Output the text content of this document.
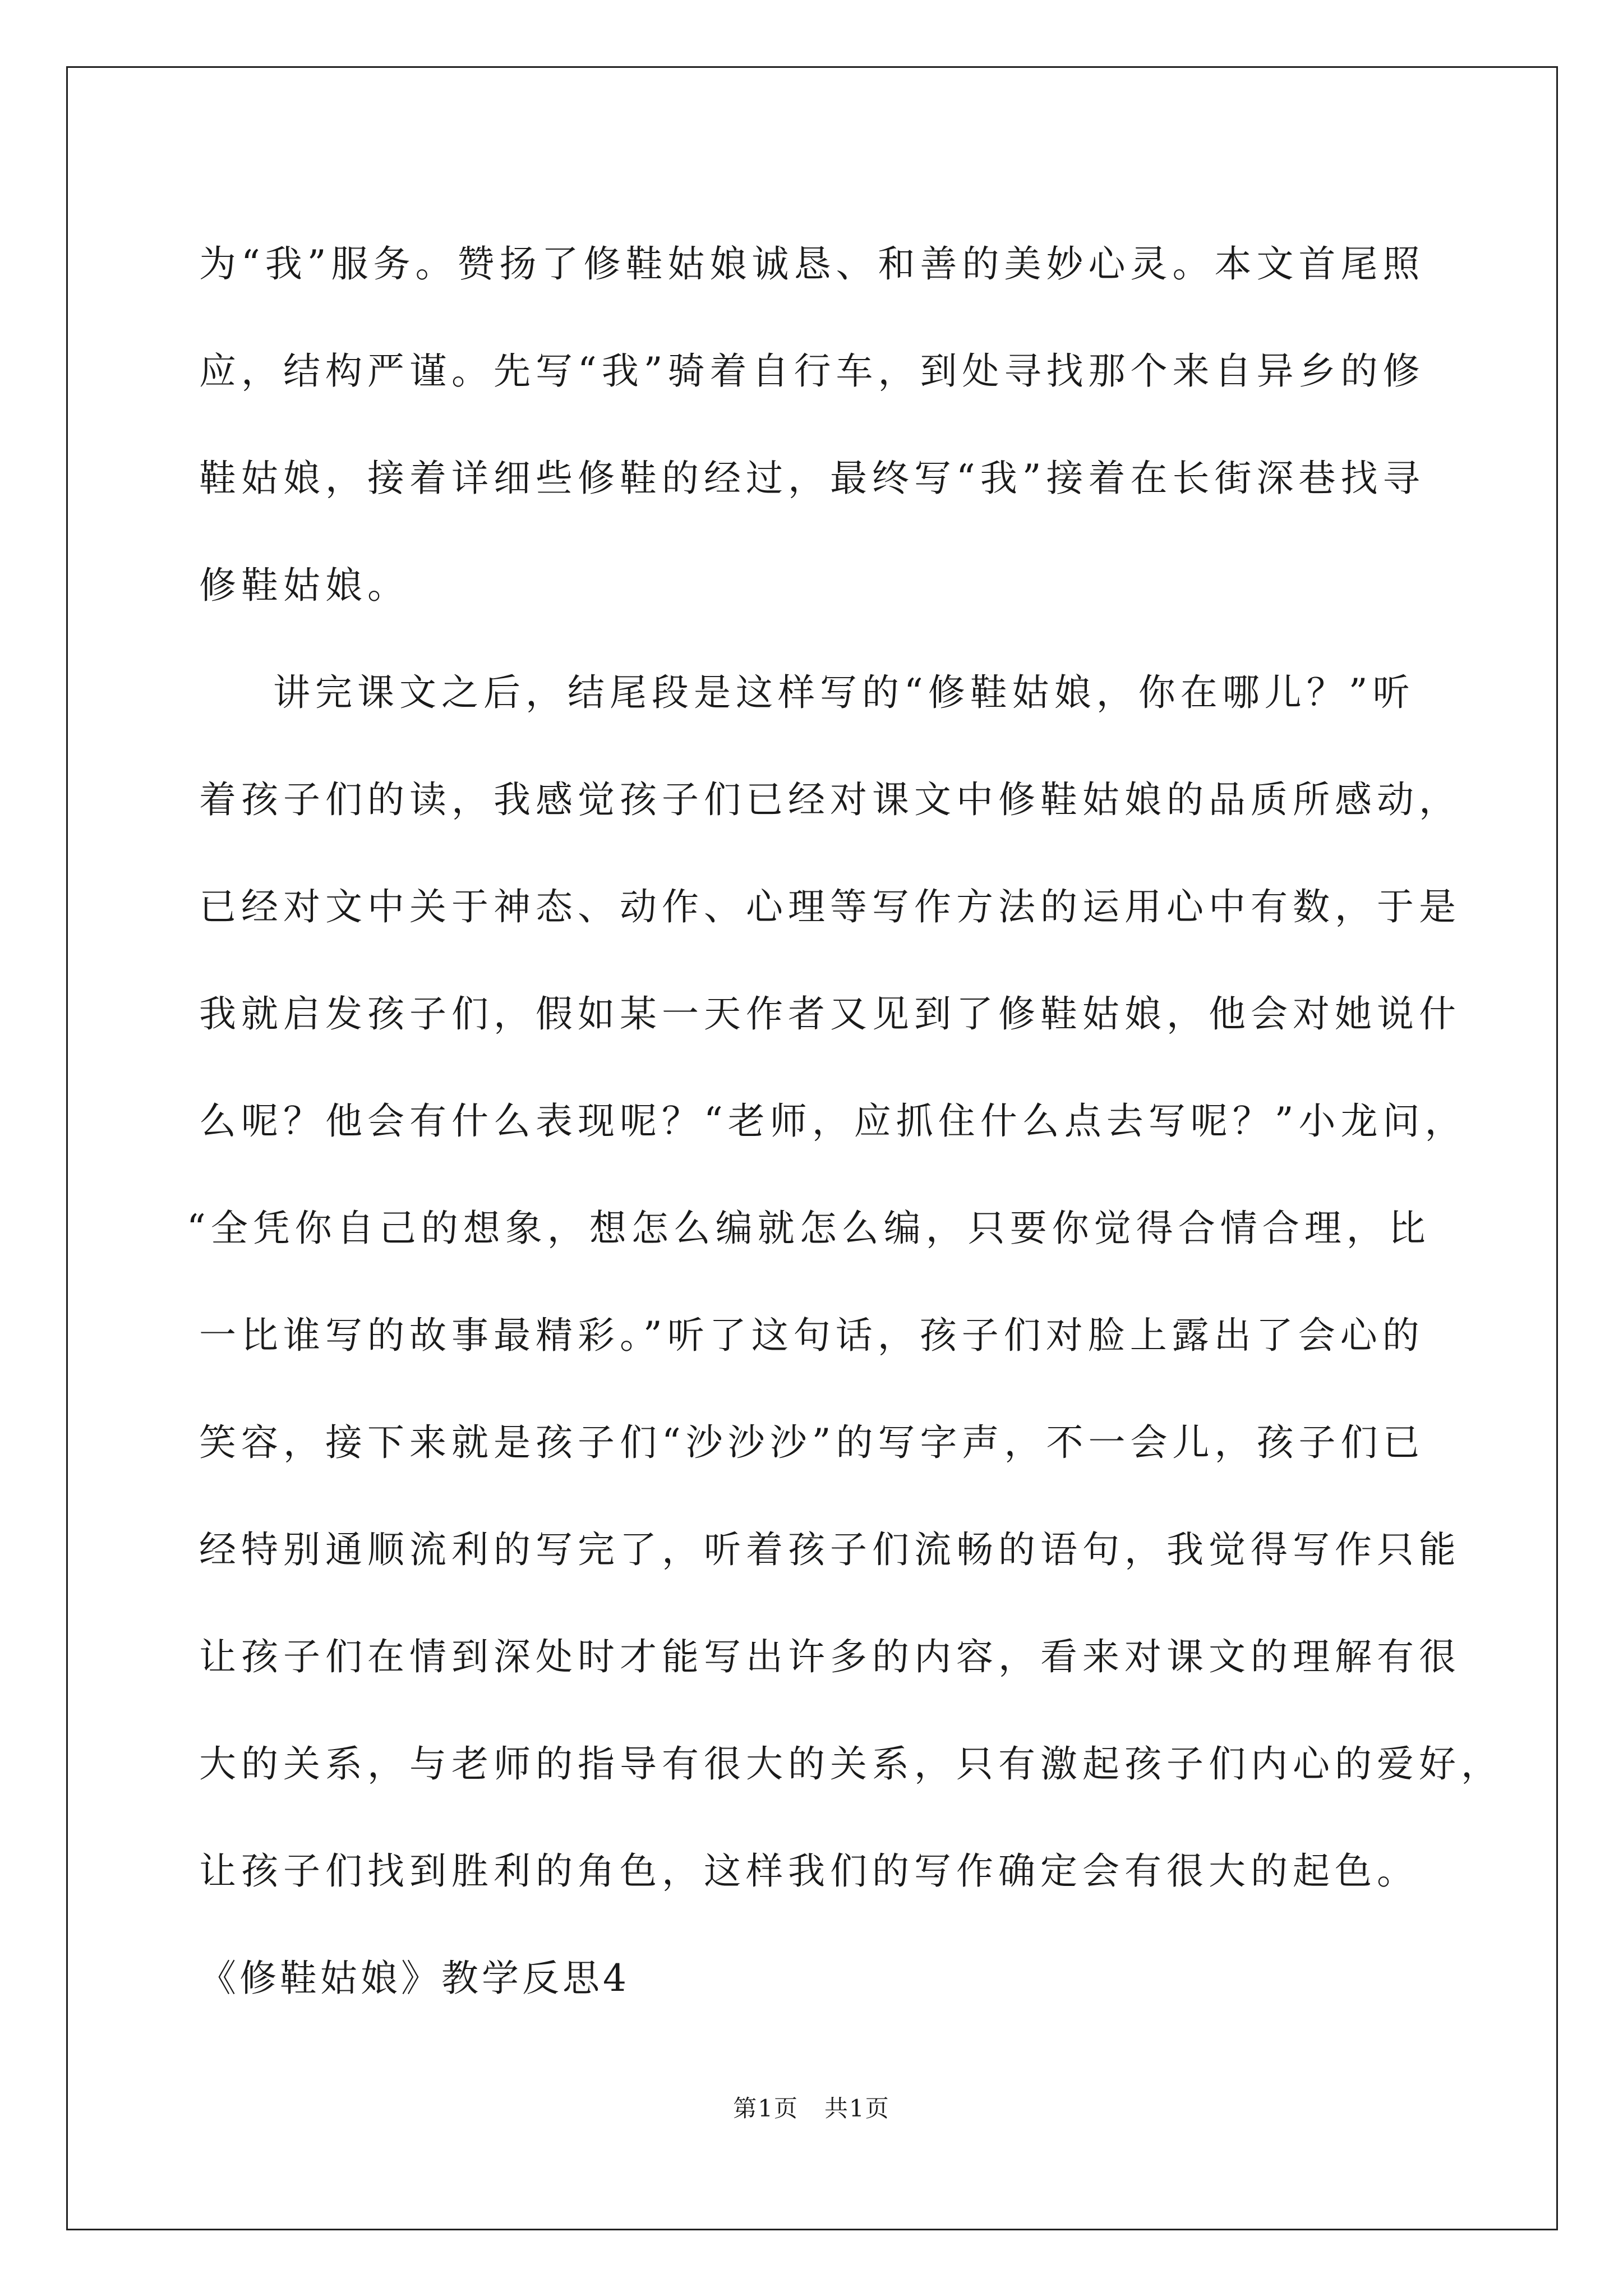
为“我”服务。赞扬了修鞋姑娘诚恳、和善的美妙心灵。本文首尾照
应，结构严谨。先写“我”骑着自行车，到处寻找那个来自异乡的修
鞋姑娘，接着详细些修鞋的经过，最终写“我”接着在长街深巷找寻
修鞋姑娘。
讲完课文之后，结尾段是这样写的“修鞋姑娘，你在哪儿？”听
着孩子们的读，我感觉孩子们已经对课文中修鞋姑娘的品质所感动，
已经对文中关于神态、动作、心理等写作方法的运用心中有数，于是
我就启发孩子们，假如某一天作者又见到了修鞋姑娘，他会对她说什
么呢？他会有什么表现呢？“老师，应抓住什么点去写呢？”小龙问，
“全凭你自己的想象，想怎么编就怎么编，只要你觉得合情合理，比
一比谁写的故事最精彩。”听了这句话，孩子们对脸上露出了会心的
笑容，接下来就是孩子们“沙沙沙”的写字声，不一会儿，孩子们已
经特别通顺流利的写完了，听着孩子们流畅的语句，我觉得写作只能
让孩子们在情到深处时才能写出许多的内容，看来对课文的理解有很
大的关系，与老师的指导有很大的关系，只有激起孩子们内心的爱好，
让孩子们找到胜利的角色，这样我们的写作确定会有很大的起色。
《修鞋姑娘》教学反思4
第1页   共1页
